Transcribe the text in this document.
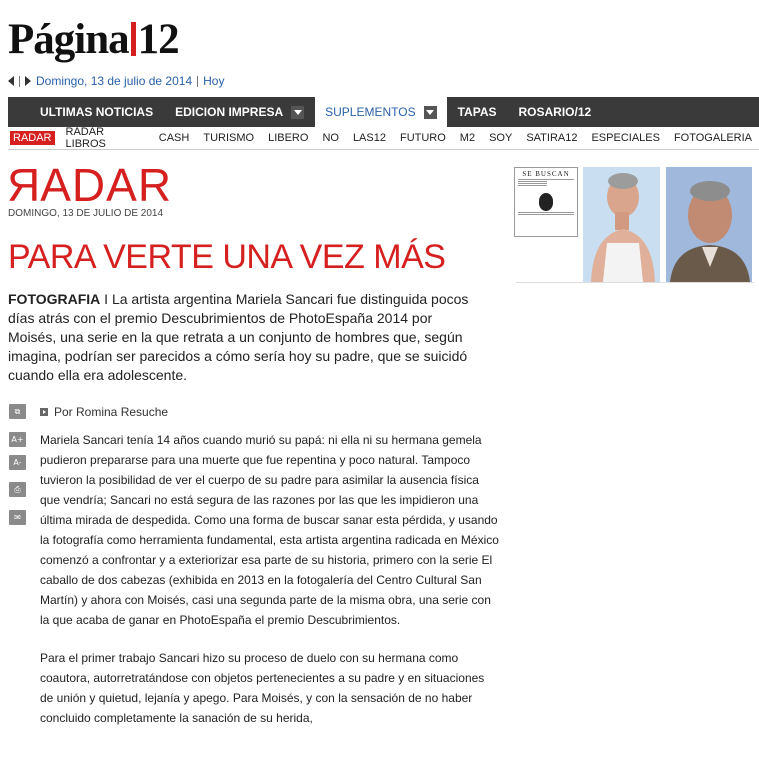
Página 12
Domingo, 13 de julio de 2014 Hoy
ULTIMAS NOTICIAS EDICION IMPRESA	SUPLEMENTOS	TAPAS ROSARIO/12
RADAR	RADAR LIBROS	CASH	TURISMO	LIBERO	NO	LAS12	FUTURO	M2	SOY	SATIRA12	ESPECIALES	FOTOGALERIA
RADAR
DOMINGO, 13 DE JULIO DE 2014
PARA VERTE UNA VEZ MÁS
FOTOGRAFIA I La artista argentina Mariela Sancari fue distinguida pocos días atrás con el premio Descubrimientos de PhotoEspaña 2014 por Moisés, una serie en la que retrata a un conjunto de hombres que, según imagina, podrían ser parecidos a cómo sería hoy su padre, que se suicidó cuando ella era adolescente.
⧉
A+
A-
⎙
✉
Por Romina Resuche

Mariela Sancari tenía 14 años cuando murió su papá: ni ella ni su hermana gemela pudieron prepararse para una muerte que fue repentina y poco natural. Tampoco tuvieron la posibilidad de ver el cuerpo de su padre para asimilar la ausencia física que vendría; Sancari no está segura de las razones por las que les impidieron una última mirada de despedida. Como una forma de buscar sanar esta pérdida, y usando la fotografía como herramienta fundamental, esta artista argentina radicada en México comenzó a confrontar y a exteriorizar esa parte de su historia, primero con la serie El caballo de dos cabezas (exhibida en 2013 en la fotogalería del Centro Cultural San Martín) y ahora con Moisés, casi una segunda parte de la misma obra, una serie con la que acaba de ganar en PhotoEspaña el premio Descubrimientos.

Para el primer trabajo Sancari hizo su proceso de duelo con su hermana como coautora, autorretratándose con objetos pertenecientes a su padre y en situaciones de unión y quietud, lejanía y apego. Para Moisés, y con la sensación de no haber concluido completamente la sanación de su herida,

SE BUSCAN
